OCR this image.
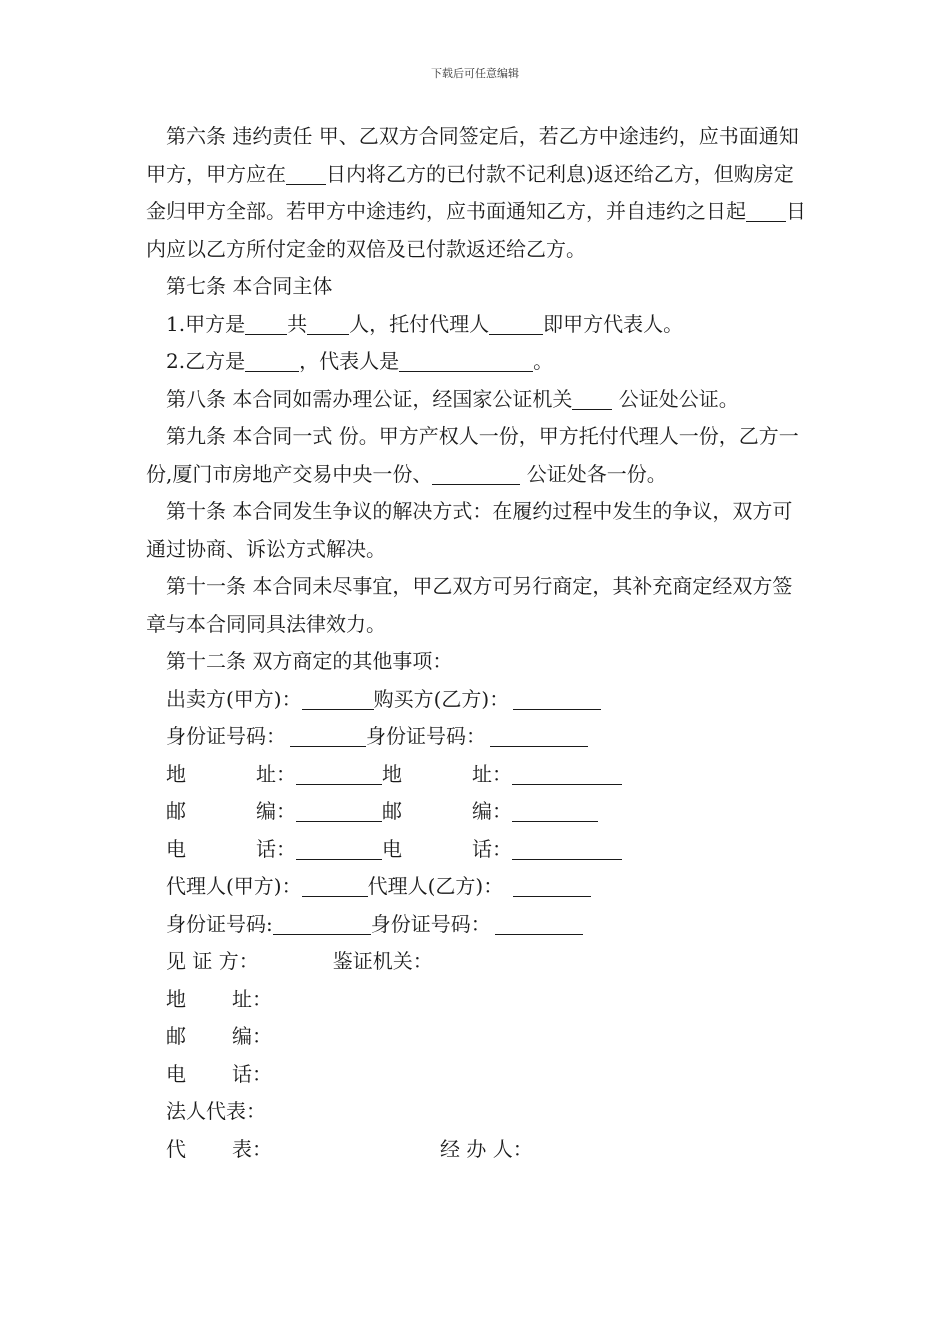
下载后可任意编辑

第六条 违约责任 甲、乙双方合同签定后，若乙方中途违约，应书面通知甲方，甲方应在 日内将乙方的已付款不记利息)返还给乙方，但购房定金归甲方全部。若甲方中途违约，应书面通知乙方，并自违约之日起 日内应以乙方所付定金的双倍及已付款返还给乙方。

第七条 本合同主体

1.甲方是 共 人，托付代理人	即甲方代表人。

2.乙方是	，代表人是	。

第八条 本合同如需办理公证，经国家公证机关 公证处公证。

第九条 本合同一式 份。甲方产权人一份，甲方托付代理人一份，乙方一份,厦门市房地产交易中央一份、	公证处各一份。

第十条 本合同发生争议的解决方式：在履约过程中发生的争议，双方可通过协商、诉讼方式解决。

第十一条 本合同未尽事宜，甲乙双方可另行商定，其补充商定经双方签章与本合同同具法律效力。

第十二条 双方商定的其他事项：

出卖方(甲方)：	购买方(乙方)：

身份证号码：	身份证号码：

地	址：	地	址：

邮	编：	邮	编：

电	话：	电	话：

代理人(甲方)：	代理人(乙方)：

身份证号码:	身份证号码：

见 证 方：	鉴证机关：

地 址：

邮 编：

电 话：

法人代表：

代 表：	经 办 人：
